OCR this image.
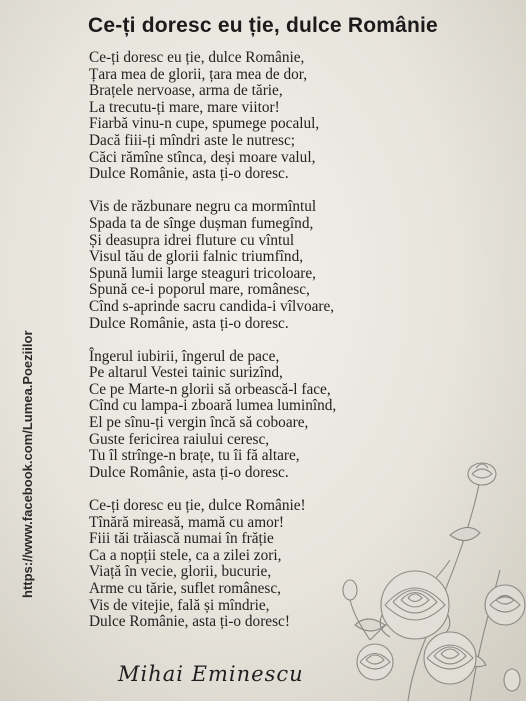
Ce-ți doresc eu ție, dulce Românie
Ce-ți doresc eu ție, dulce Românie,
Țara mea de glorii, țara mea de dor,
Brațele nervoase, arma de tărie,
La trecutu-ți mare, mare viitor!
Fiarbă vinu-n cupe, spumege pocalul,
Dacă fiii-ți mîndri aste le nutresc;
Căci rămîne stînca, deși moare valul,
Dulce Românie, asta ți-o doresc.
Vis de răzbunare negru ca mormîntul
Spada ta de sînge dușman fumegînd,
Și deasupra idrei fluture cu vîntul
Visul tău de glorii falnic triumfînd,
Spună lumii large steaguri tricoloare,
Spună ce-i poporul mare, românesc,
Cînd s-aprinde sacru candida-i vîlvoare,
Dulce Românie, asta ți-o doresc.
Îngerul iubirii, îngerul de pace,
Pe altarul Vestei tainic surizînd,
Ce pe Marte-n glorii să orbească-l face,
Cînd cu lampa-i zboară lumea luminînd,
El pe sînu-ți vergin încă să coboare,
Guste fericirea raiului ceresc,
Tu îl strînge-n brațe, tu îi fă altare,
Dulce Românie, asta ți-o doresc.
Ce-ți doresc eu ție, dulce Românie!
Tînără mireasă, mamă cu amor!
Fiii tăi trăiască numai în frăție
Ca a nopții stele, ca a zilei zori,
Viață în vecie, glorii, bucurie,
Arme cu tărie, suflet românesc,
Vis de vitejie, fală și mîndrie,
Dulce Românie, asta ți-o doresc!
https://www.facebook.com/Lumea.Poeziilor
Mihai Eminescu
